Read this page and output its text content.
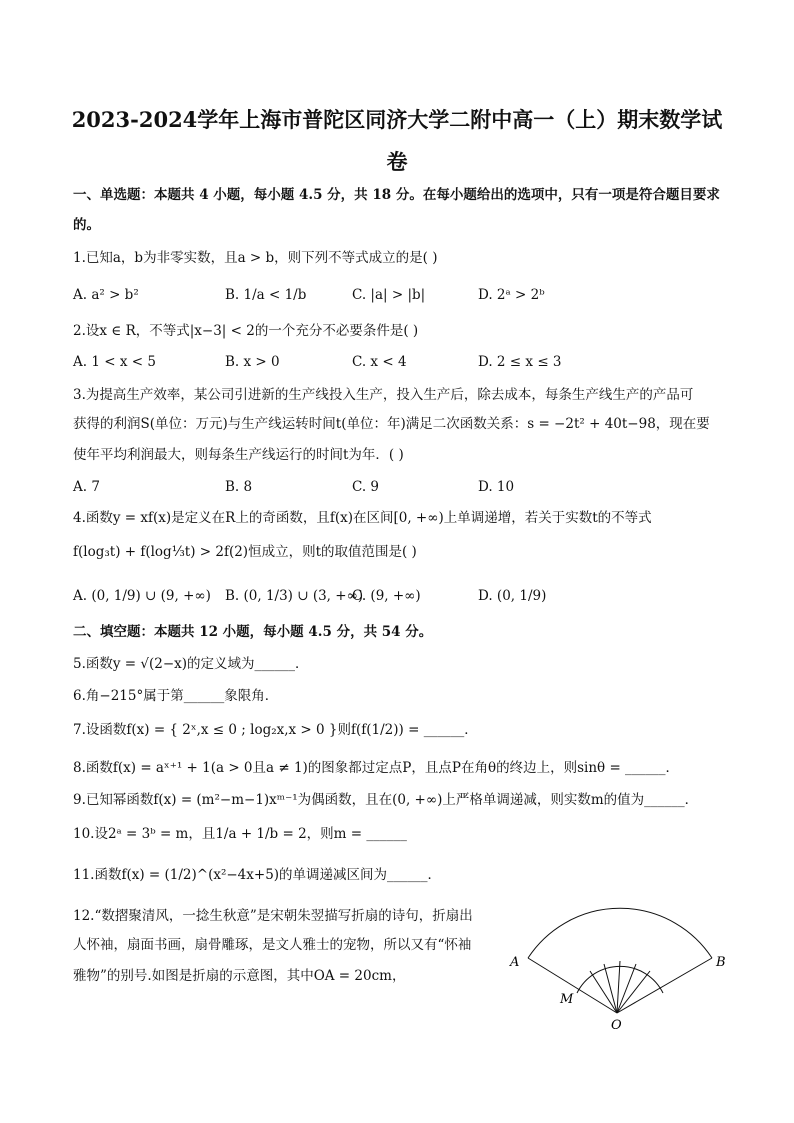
2023-2024学年上海市普陀区同济大学二附中高一（上）期末数学试
卷
一、单选题：本题共 4 小题，每小题 4.5 分，共 18 分。在每小题给出的选项中，只有一项是符合题目要求
的。
1.已知a，b为非零实数，且a > b，则下列不等式成立的是( )
A. a² > b²	B. 1/a < 1/b	C. |a| > |b|	D. 2ᵃ > 2ᵇ
2.设x ∈ R，不等式|x−3| < 2的一个充分不必要条件是( )
A. 1 < x < 5	B. x > 0	C. x < 4	D. 2 ≤ x ≤ 3
3.为提高生产效率，某公司引进新的生产线投入生产，投入生产后，除去成本，每条生产线生产的产品可
获得的利润S(单位：万元)与生产线运转时间t(单位：年)满足二次函数关系：s = −2t² + 40t−98，现在要
使年平均利润最大，则每条生产线运行的时间t为年．( )
A. 7	B. 8	C. 9	D. 10
4.函数y = xf(x)是定义在R上的奇函数，且f(x)在区间[0, +∞)上单调递增，若关于实数t的不等式
f(log₃t) + f(log⅓t) > 2f(2)恒成立，则t的取值范围是( )
A. (0, 1/9) ∪ (9, +∞) B. (0, 1/3) ∪ (3, +∞)
C. (9, +∞)	D. (0, 1/9)
二、填空题：本题共 12 小题，每小题 4.5 分，共 54 分。
5.函数y = √(2−x)的定义域为______．
6.角−215°属于第______象限角．
7.设函数f(x) = { 2ˣ,x ≤ 0 ; log₂x,x > 0 }则f(f(1/2)) = ______．
8.函数f(x) = aˣ⁺¹ + 1(a > 0且a ≠ 1)的图象都过定点P，且点P在角θ的终边上，则sinθ = ______．
9.已知幂函数f(x) = (m²−m−1)xᵐ⁻¹为偶函数，且在(0, +∞)上严格单调递减，则实数m的值为______．
10.设2ᵃ = 3ᵇ = m，且1/a + 1/b = 2，则m = ______
11.函数f(x) = (1/2)^(x²−4x+5)的单调递减区间为______．
12.“数摺聚清风，一捻生秋意”是宋朝朱翌描写折扇的诗句，折扇出
人怀袖，扇面书画，扇骨雕琢，是文人雅士的宠物，所以又有“怀袖
雅物”的别号.如图是折扇的示意图，其中OA = 20cm，
A	B
M
O
